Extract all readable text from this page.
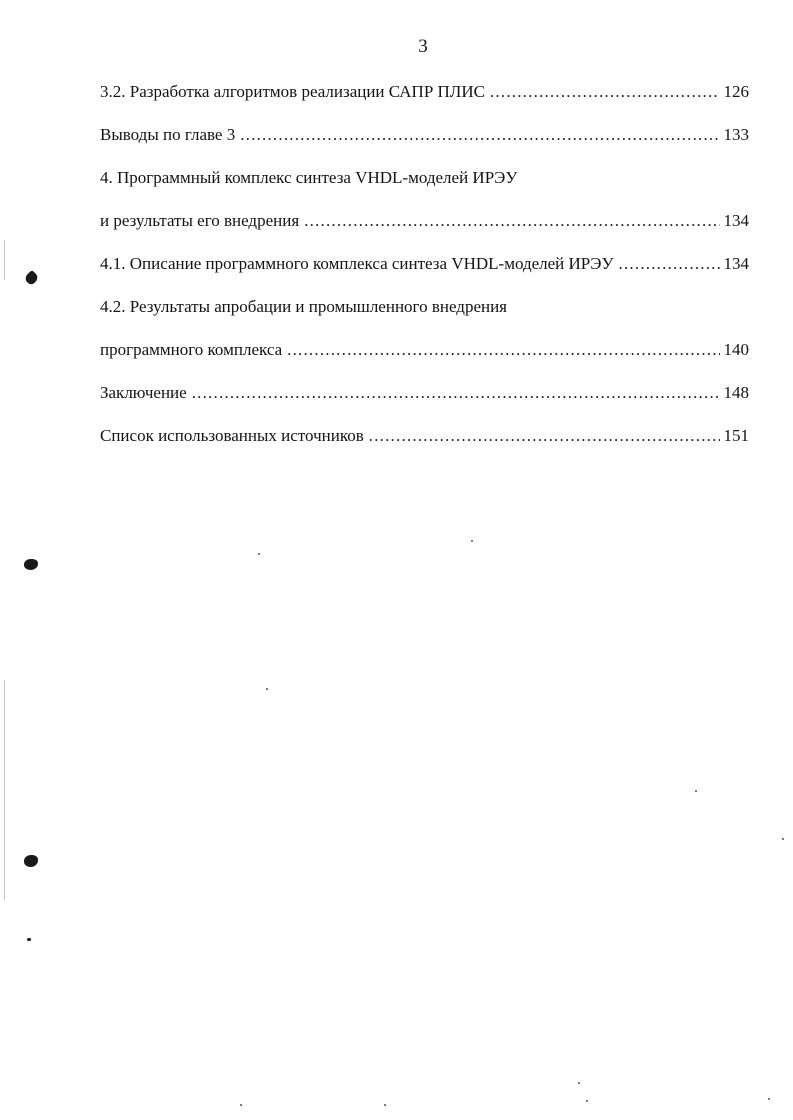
3
3.2. Разработка алгоритмов реализации САПР ПЛИС .....	126
Выводы по главе 3 .....	133
4. Программный комплекс синтеза VHDL-моделей ИРЭУ
и результаты его внедрения .....	134
4.1. Описание программного комплекса синтеза VHDL-моделей ИРЭУ .....	134
4.2. Результаты апробации и промышленного внедрения
программного комплекса .....	140
Заключение .....	148
Список использованных источников .....	151
